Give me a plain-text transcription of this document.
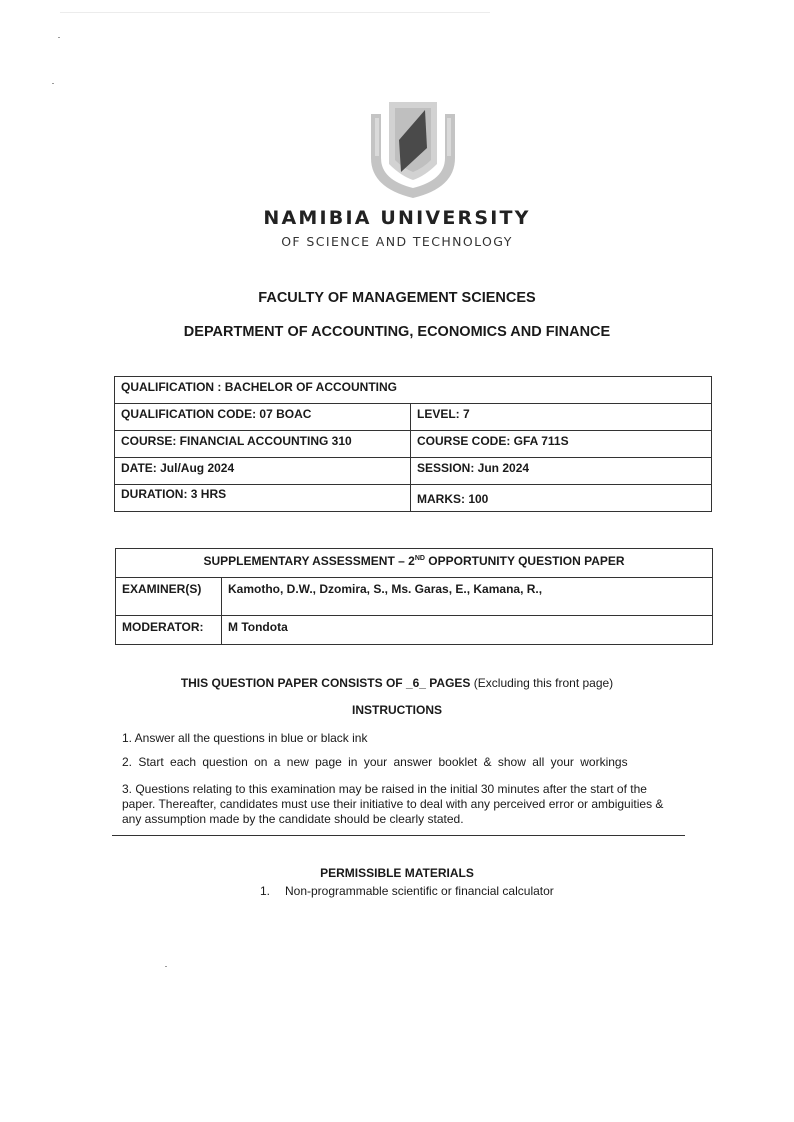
NAMIBIA UNIVERSITY
OF SCIENCE AND TECHNOLOGY
FACULTY OF MANAGEMENT SCIENCES
DEPARTMENT OF ACCOUNTING, ECONOMICS AND FINANCE
QUALIFICATION : BACHELOR OF ACCOUNTING	
QUALIFICATION CODE: 07 BOAC	LEVEL: 7
COURSE: FINANCIAL ACCOUNTING 310	COURSE CODE: GFA 711S
DATE: Jul/Aug 2024	SESSION: Jun 2024
DURATION: 3 HRS	MARKS: 100
SUPPLEMENTARY ASSESSMENT – 2ND OPPORTUNITY QUESTION PAPER	
EXAMINER(S)	Kamotho, D.W., Dzomira, S., Ms. Garas, E., Kamana, R.,
MODERATOR:	M Tondota
THIS QUESTION PAPER CONSISTS OF _6_ PAGES (Excluding this front page)
INSTRUCTIONS
1. Answer all the questions in blue or black ink
2. Start each question on a new page in your answer booklet & show all your workings
3. Questions relating to this examination may be raised in the initial 30 minutes after the start of the paper. Thereafter, candidates must use their initiative to deal with any perceived error or ambiguities & any assumption made by the candidate should be clearly stated.
PERMISSIBLE MATERIALS
1. Non-programmable scientific or financial calculator
